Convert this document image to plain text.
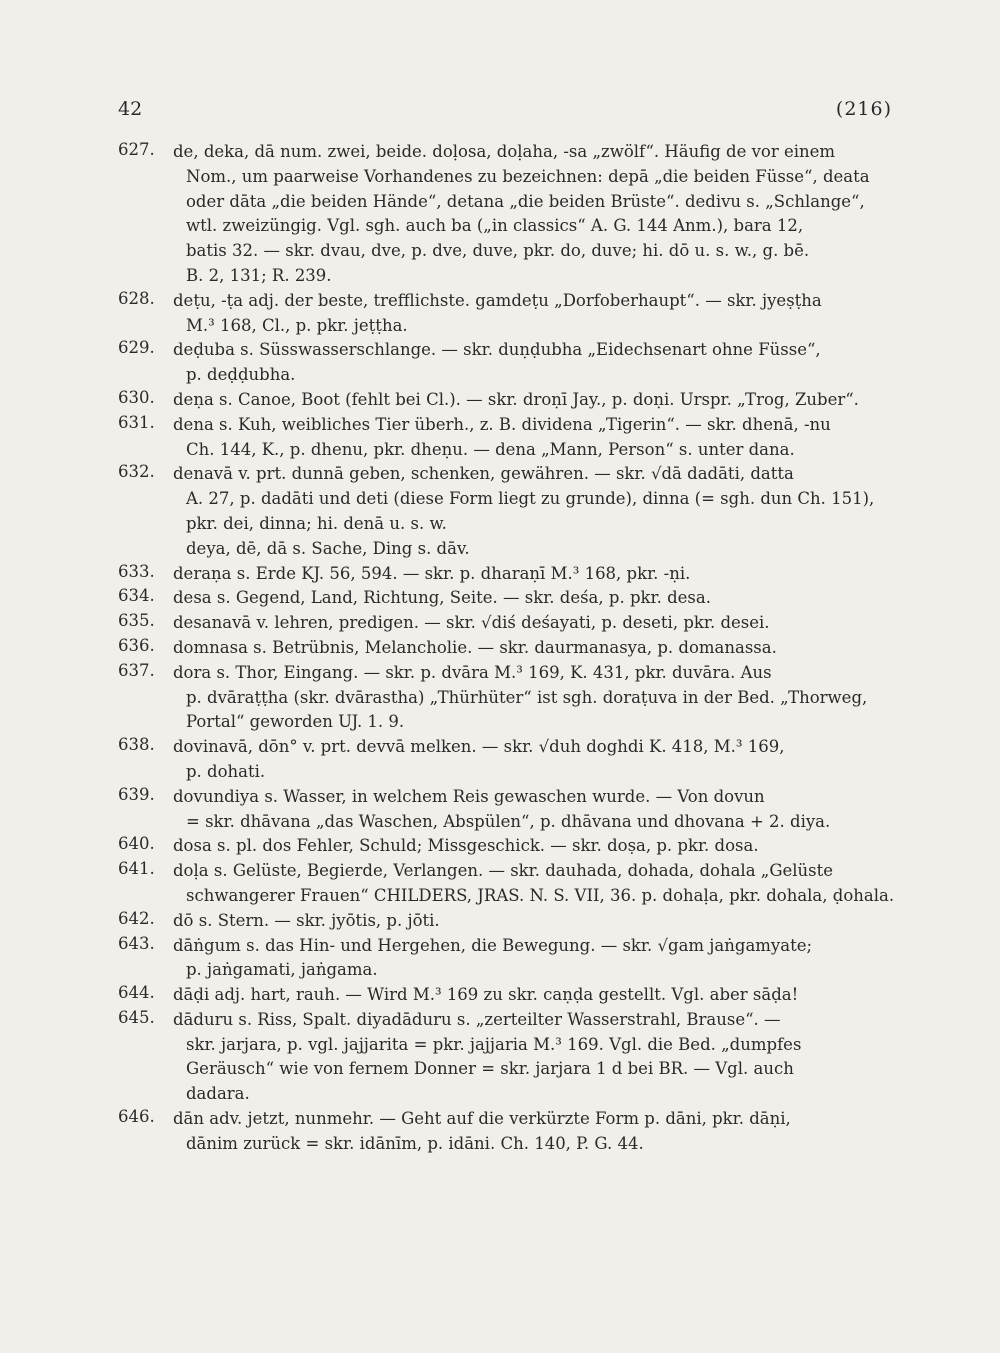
42	(216)
627.	de, deka, dā num. zwei, beide. doḷosa, doḷaha, -sa „zwölf“. Häufig de vor einem
Nom., um paarweise Vorhandenes zu bezeichnen: depā „die beiden Füsse“, deata
oder dāta „die beiden Hände“, detana „die beiden Brüste“. dedivu s. „Schlange“,
wtl. zweizüngig. Vgl. sgh. auch ba („in classics“ A. G. 144 Anm.), bara 12,
batis 32. — skr. dvau, dve, p. dve, duve, pkr. do, duve; hi. dō u. s. w., g. bē.
B. 2, 131; R. 239.
628.	deṭu, -ṭa adj. der beste, trefflichste. gamdeṭu „Dorfoberhaupt“. — skr. jyeṣṭha
M.³ 168, Cl., p. pkr. jeṭṭha.
629.	deḍuba s. Süsswasserschlange. — skr. duṇḍubha „Eidechsenart ohne Füsse“,
p. deḍḍubha.
630.	deṇa s. Canoe, Boot (fehlt bei Cl.). — skr. droṇī Jay., p. doṇi. Urspr. „Trog, Zuber“.
631.	dena s. Kuh, weibliches Tier überh., z. B. dividena „Tigerin“. — skr. dhenā, -nu
Ch. 144, K., p. dhenu, pkr. dheṇu. — dena „Mann, Person“ s. unter dana.
632.	denavā v. prt. dunnā geben, schenken, gewähren. — skr. √dā dadāti, datta
A. 27, p. dadāti und deti (diese Form liegt zu grunde), dinna (= sgh. dun Ch. 151),
pkr. dei, dinna; hi. denā u. s. w.
deya, dē, dā s. Sache, Ding s. dāv.
633.	deraṇa s. Erde KJ. 56, 594. — skr. p. dharaṇī M.³ 168, pkr. -ṇi.
634.	desa s. Gegend, Land, Richtung, Seite. — skr. deśa, p. pkr. desa.
635.	desanavā v. lehren, predigen. — skr. √diś deśayati, p. deseti, pkr. desei.
636.	domnasa s. Betrübnis, Melancholie. — skr. daurmanasya, p. domanassa.
637.	dora s. Thor, Eingang. — skr. p. dvāra M.³ 169, K. 431, pkr. duvāra. Aus
p. dvāraṭṭha (skr. dvārastha) „Thürhüter“ ist sgh. doraṭuva in der Bed. „Thorweg,
Portal“ geworden UJ. 1. 9.
638.	dovinavā, dōn° v. prt. devvā melken. — skr. √duh doghdi K. 418, M.³ 169,
p. dohati.
639.	dovundiya s. Wasser, in welchem Reis gewaschen wurde. — Von dovun
= skr. dhāvana „das Waschen, Abspülen“, p. dhāvana und dhovana + 2. diya.
640.	dosa s. pl. dos Fehler, Schuld; Missgeschick. — skr. doṣa, p. pkr. dosa.
641.	doḷa s. Gelüste, Begierde, Verlangen. — skr. dauhada, dohada, dohala „Gelüste
schwangerer Frauen“ CHILDERS, JRAS. N. S. VII, 36. p. dohaḷa, pkr. dohala, ḍohala.
642.	dō s. Stern. — skr. jyōtis, p. jōti.
643.	dāṅgum s. das Hin- und Hergehen, die Bewegung. — skr. √gam jaṅgamyate;
p. jaṅgamati, jaṅgama.
644.	dāḍi adj. hart, rauh. — Wird M.³ 169 zu skr. caṇḍa gestellt. Vgl. aber sāḍa!
645.	dāduru s. Riss, Spalt. diyadāduru s. „zerteilter Wasserstrahl, Brause“. —
skr. jarjara, p. vgl. jajjarita = pkr. jajjaria M.³ 169. Vgl. die Bed. „dumpfes
Geräusch“ wie von fernem Donner = skr. jarjara 1 d bei BR. — Vgl. auch
dadara.
646.	dān adv. jetzt, nunmehr. — Geht auf die verkürzte Form p. dāni, pkr. dāṇi,
dānim zurück = skr. idānīm, p. idāni. Ch. 140, P. G. 44.
